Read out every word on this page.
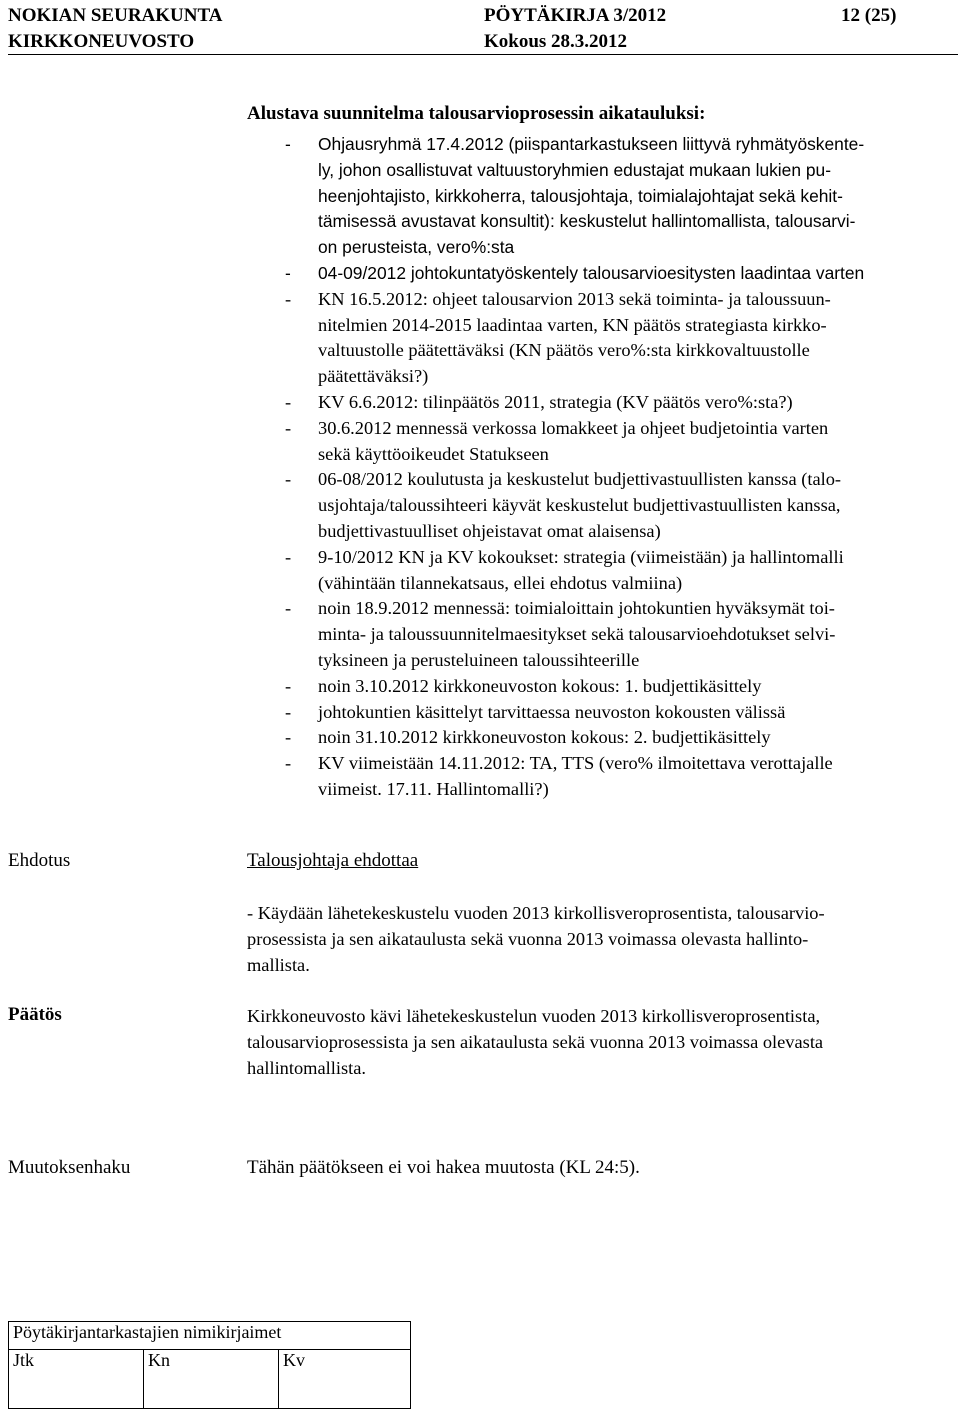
NOKIAN SEURAKUNTA
KIRKKONEUVOSTO
PÖYTÄKIRJA 3/2012
Kokous 28.3.2012
12 (25)
Alustava suunnitelma talousarvioprosessin aikatauluksi:
- Ohjausryhmä 17.4.2012 (piispantarkastukseen liittyvä ryhmätyöskente-
ly, johon osallistuvat valtuustoryhmien edustajat mukaan lukien pu-
heenjohtajisto, kirkkoherra, talousjohtaja, toimialajohtajat sekä kehit-
tämisessä avustavat konsultit): keskustelut hallintomallista, talousarvi-
on perusteista, vero%:sta
- 04-09/2012 johtokuntatyöskentely talousarvioesitysten laadintaa varten
- KN 16.5.2012: ohjeet talousarvion 2013 sekä toiminta- ja taloussuun-
nitelmien 2014-2015 laadintaa varten, KN päätös strategiasta kirkko-
valtuustolle päätettäväksi (KN päätös vero%:sta kirkkovaltuustolle
päätettäväksi?)
- KV 6.6.2012: tilinpäätös 2011, strategia (KV päätös vero%:sta?)
- 30.6.2012 mennessä verkossa lomakkeet ja ohjeet budjetointia varten
sekä käyttöoikeudet Statukseen
- 06-08/2012 koulutusta ja keskustelut budjettivastuullisten kanssa (talo-
usjohtaja/taloussihteeri käyvät keskustelut budjettivastuullisten kanssa,
budjettivastuulliset ohjeistavat omat alaisensa)
- 9-10/2012 KN ja KV kokoukset: strategia (viimeistään) ja hallintomalli
(vähintään tilannekatsaus, ellei ehdotus valmiina)
- noin 18.9.2012 mennessä: toimialoittain johtokuntien hyväksymät toi-
minta- ja taloussuunnitelmaesitykset sekä talousarvioehdotukset selvi-
tyksineen ja perusteluineen taloussihteerille
- noin 3.10.2012 kirkkoneuvoston kokous: 1. budjettikäsittely
- johtokuntien käsittelyt tarvittaessa neuvoston kokousten välissä
- noin 31.10.2012 kirkkoneuvoston kokous: 2. budjettikäsittely
- KV viimeistään 14.11.2012: TA, TTS (vero% ilmoitettava verottajalle
viimeist. 17.11. Hallintomalli?)
Ehdotus	Talousjohtaja ehdottaa
- Käydään lähetekeskustelu vuoden 2013 kirkollisveroprosentista, talousarvio-
prosessista ja sen aikataulusta sekä vuonna 2013 voimassa olevasta hallinto-
mallista.
Päätös	Kirkkoneuvosto kävi lähetekeskustelun vuoden 2013 kirkollisveroprosentista,
talousarvioprosessista ja sen aikataulusta sekä vuonna 2013 voimassa olevasta
hallintomallista.
Muutoksenhaku	Tähän päätökseen ei voi hakea muutosta (KL 24:5).
Pöytäkirjantarkastajien nimikirjaimet
Jtk	Kn	Kv
